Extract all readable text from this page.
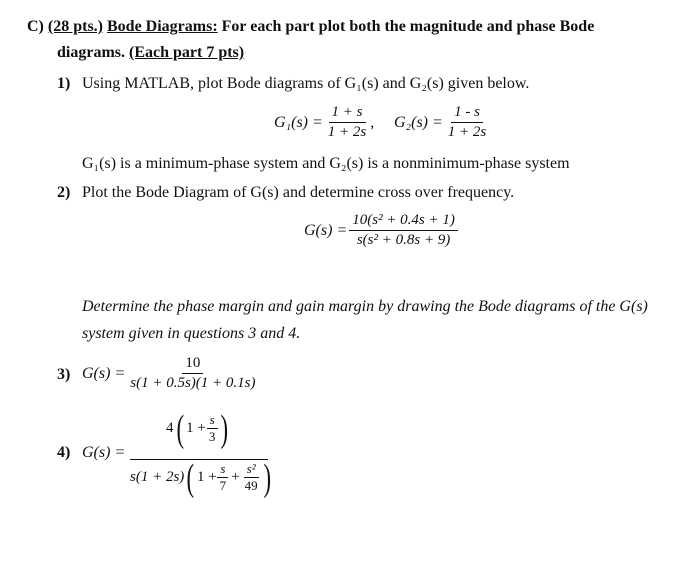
C) (28 pts.) Bode Diagrams: For each part plot both the magnitude and phase Bode
diagrams. (Each part 7 pts)
1) Using MATLAB, plot Bode diagrams of G₁(s) and G₂(s) given below.
$G_1(s) = \frac{1 + s}{1 + 2s}$ , $G_2(s) = \frac{1 - s}{1 + 2s}$
G₁(s) is a minimum-phase system and G₂(s) is a nonminimum-phase system
2) Plot the Bode Diagram of G(s) and determine cross over frequency.
$G(s) = \frac{\text{10(s² + 0.4s + 1)}}{\text{s(s² + 0.8s + 9)}}$
Determine the phase margin and gain margin by drawing the Bode diagrams of the G(s)
system given in questions 3 and 4.
3) $G(s) = \frac{10}{s(1 + 0.5s)(1 + 0.1s)}$
4) G(s) =
4 ( $1 + \frac{s}{3}$ )
s(1 + 2s) ( $1 + \frac{s}{7} + \frac{\text{s²}}{49}$ )
